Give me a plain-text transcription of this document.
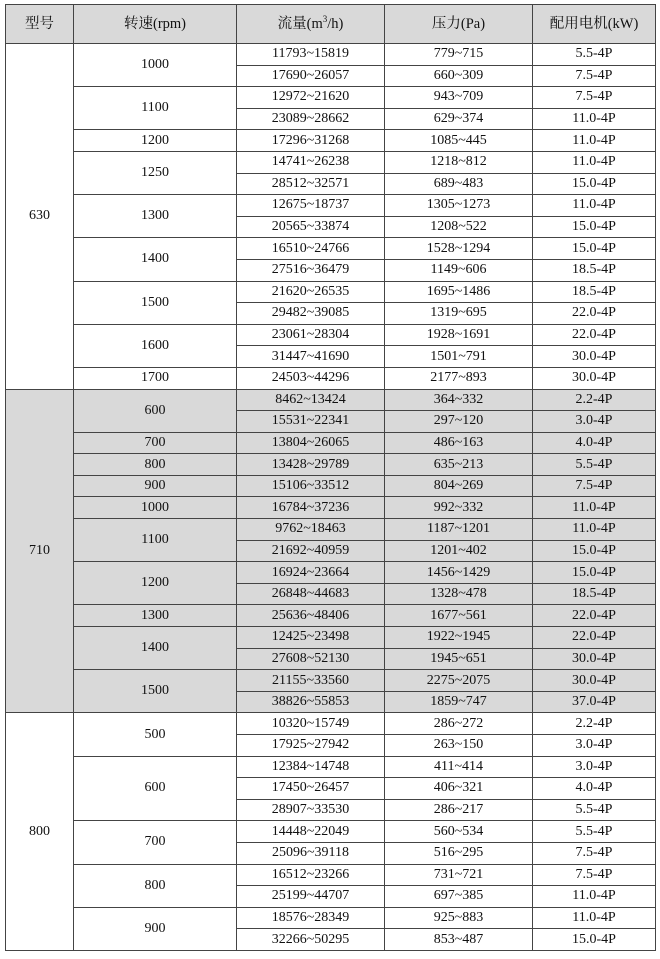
型号	转速(rpm)	流量$(m^3/h)$	压力(Pa)	配用电机(kW)
630	1000	11793~15819	779~715	5.5-4P
		17690~26057	660~309	7.5-4P
	1100	12972~21620	943~709	7.5-4P
		23089~28662	629~374	11.0-4P
	1200	17296~31268	1085~445	11.0-4P
	1250	14741~26238	1218~812	11.0-4P
		28512~32571	689~483	15.0-4P
	1300	12675~18737	1305~1273	11.0-4P
		20565~33874	1208~522	15.0-4P
	1400	16510~24766	1528~1294	15.0-4P
		27516~36479	1149~606	18.5-4P
	1500	21620~26535	1695~1486	18.5-4P
		29482~39085	1319~695	22.0-4P
	1600	23061~28304	1928~1691	22.0-4P
		31447~41690	1501~791	30.0-4P
	1700	24503~44296	2177~893	30.0-4P
710	600	8462~13424	364~332	2.2-4P
		15531~22341	297~120	3.0-4P
	700	13804~26065	486~163	4.0-4P
	800	13428~29789	635~213	5.5-4P
	900	15106~33512	804~269	7.5-4P
	1000	16784~37236	992~332	11.0-4P
	1100	9762~18463	1187~1201	11.0-4P
		21692~40959	1201~402	15.0-4P
	1200	16924~23664	1456~1429	15.0-4P
		26848~44683	1328~478	18.5-4P
	1300	25636~48406	1677~561	22.0-4P
	1400	12425~23498	1922~1945	22.0-4P
		27608~52130	1945~651	30.0-4P
	1500	21155~33560	2275~2075	30.0-4P
		38826~55853	1859~747	37.0-4P
800	500	10320~15749	286~272	2.2-4P
		17925~27942	263~150	3.0-4P
	600	12384~14748	411~414	3.0-4P
		17450~26457	406~321	4.0-4P
		28907~33530	286~217	5.5-4P
	700	14448~22049	560~534	5.5-4P
		25096~39118	516~295	7.5-4P
	800	16512~23266	731~721	7.5-4P
		25199~44707	697~385	11.0-4P
	900	18576~28349	925~883	11.0-4P
		32266~50295	853~487	15.0-4P
